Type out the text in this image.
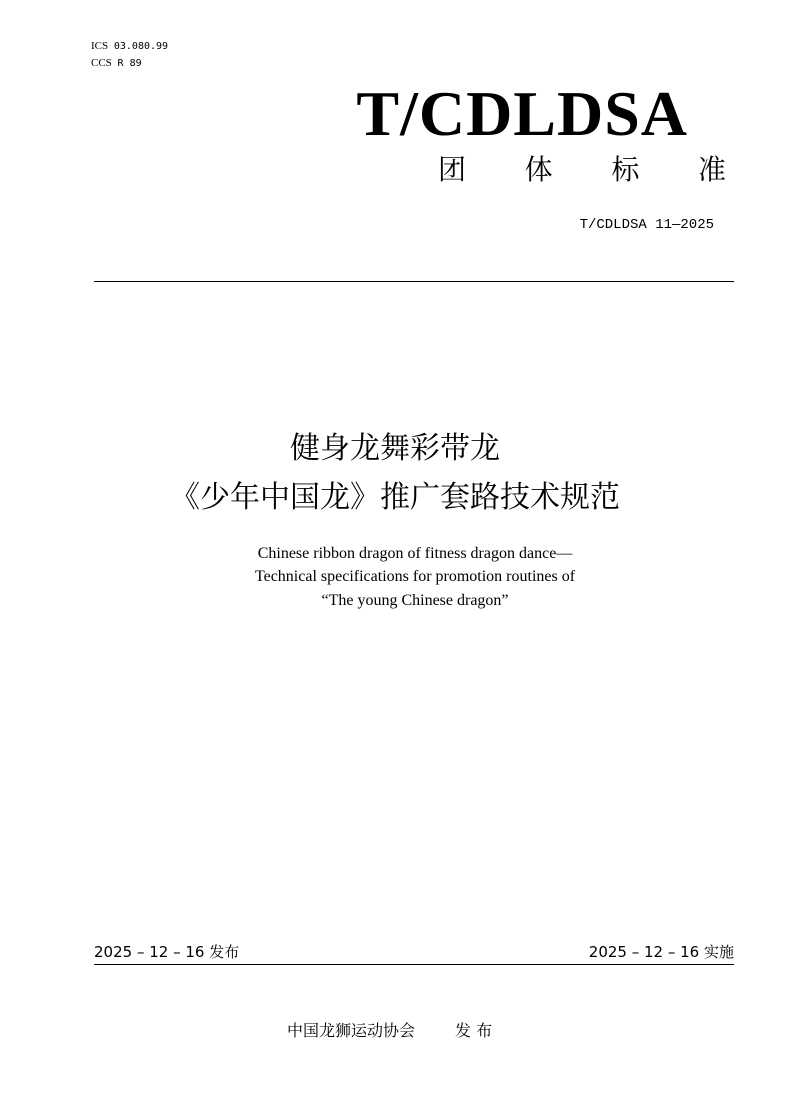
ICS 03.080.99
CCS R 89
T/CDLDSA
团 体 标 准
T/CDLDSA 11—2025
健身龙舞彩带龙
《少年中国龙》推广套路技术规范
Chinese ribbon dragon of fitness dragon dance—
Technical specifications for promotion routines of
“The young Chinese dragon”
2025 – 12 – 16 发布	2025 – 12 – 16 实施
中国龙狮运动协会	发 布
